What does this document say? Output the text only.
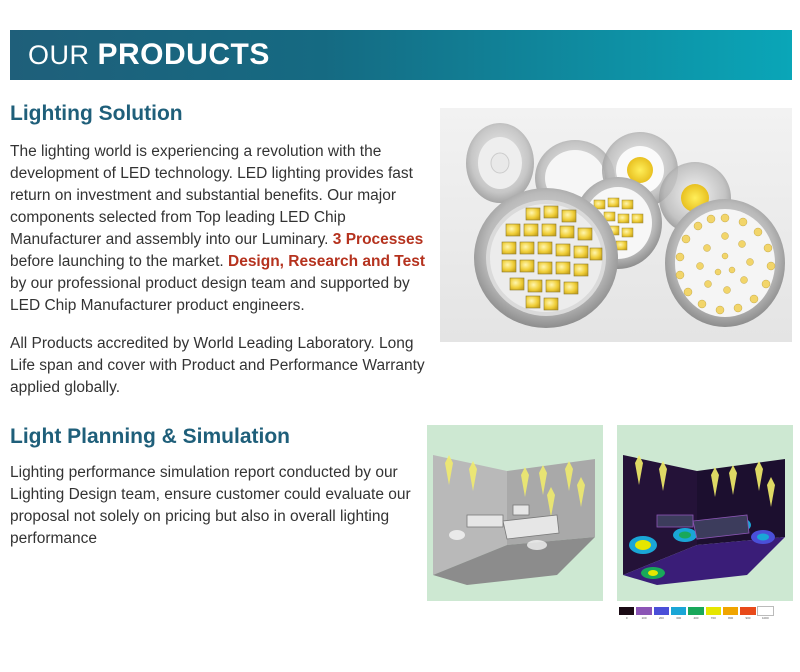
OUR PRODUCTS
Lighting Solution
The lighting world is experiencing a revolution with the development of LED technology. LED lighting provides fast return on investment and substantial benefits. Our major components selected from Top leading LED Chip Manufacturer and assembly into our Luminary. 3 Processes before launching to the market. Design, Research and Test by our professional product design team and supported by LED Chip Manufacturer product engineers.
All Products accredited by World Leading Laboratory. Long Life span and cover with Product and Performance Warranty applied globally.
Light Planning & Simulation
Lighting performance simulation report conducted by our Lighting Design team, ensure customer could evaluate our proposal not solely on pricing but also in overall lighting performance
0	100	200	300	400	700	800	900	1000
